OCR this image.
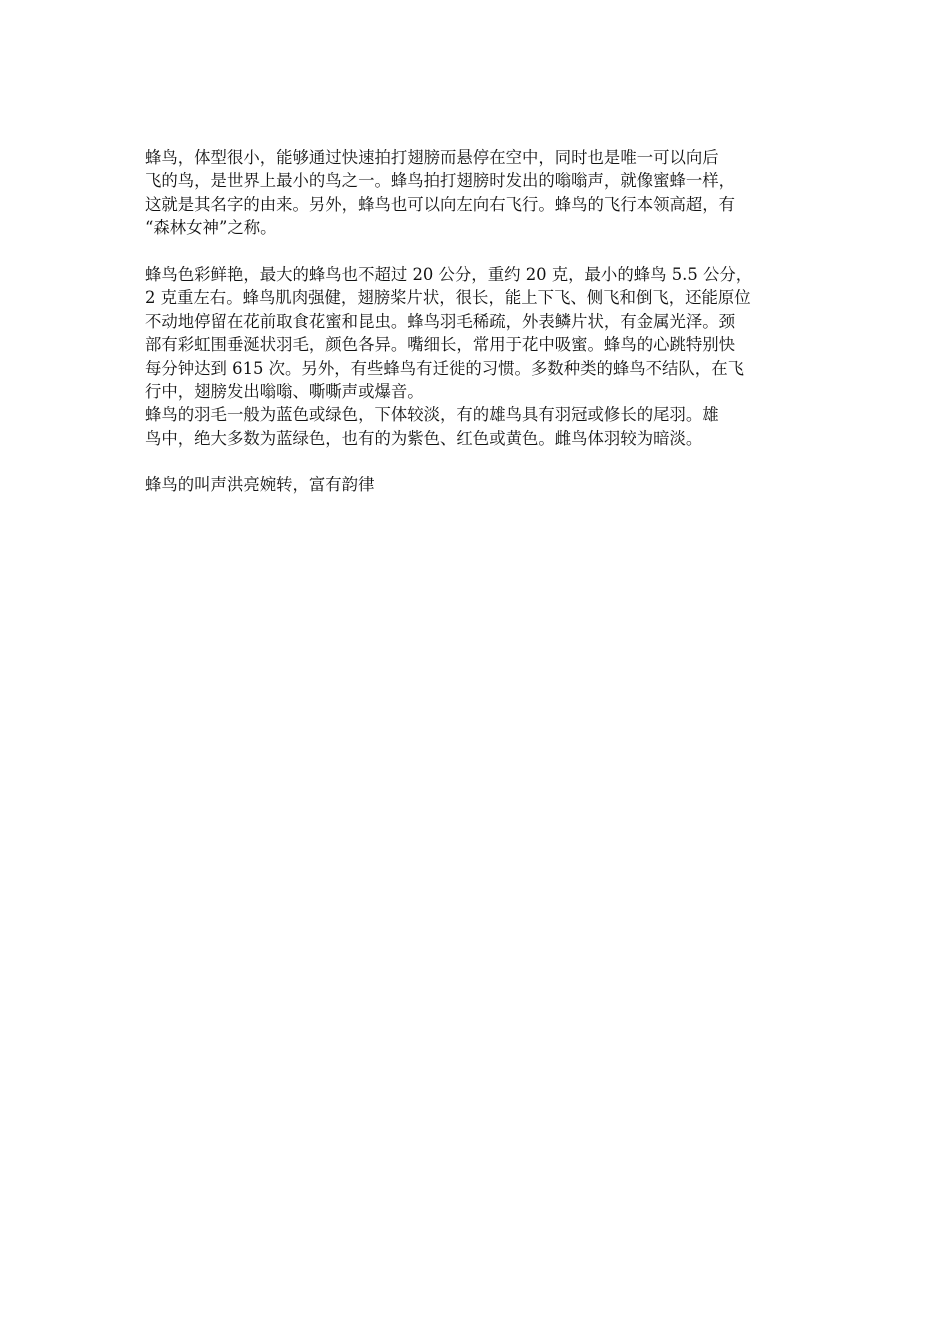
蜂鸟，体型很小，能够通过快速拍打翅膀而悬停在空中，同时也是唯一可以向后
飞的鸟，是世界上最小的鸟之一。蜂鸟拍打翅膀时发出的嗡嗡声，就像蜜蜂一样，
这就是其名字的由来。另外，蜂鸟也可以向左向右飞行。蜂鸟的飞行本领高超，有
“森林女神”之称。
蜂鸟色彩鲜艳，最大的蜂鸟也不超过 20 公分，重约 20 克，最小的蜂鸟 5.5 公分，
2 克重左右。蜂鸟肌肉强健，翅膀桨片状，很长，能上下飞、侧飞和倒飞，还能原位
不动地停留在花前取食花蜜和昆虫。蜂鸟羽毛稀疏，外表鳞片状，有金属光泽。颈
部有彩虹围垂涎状羽毛，颜色各异。嘴细长，常用于花中吸蜜。蜂鸟的心跳特别快
每分钟达到 615 次。另外，有些蜂鸟有迁徙的习惯。多数种类的蜂鸟不结队，在飞
行中，翅膀发出嗡嗡、嘶嘶声或爆音。
蜂鸟的羽毛一般为蓝色或绿色，下体较淡，有的雄鸟具有羽冠或修长的尾羽。雄
鸟中，绝大多数为蓝绿色，也有的为紫色、红色或黄色。雌鸟体羽较为暗淡。
蜂鸟的叫声洪亮婉转，富有韵律
